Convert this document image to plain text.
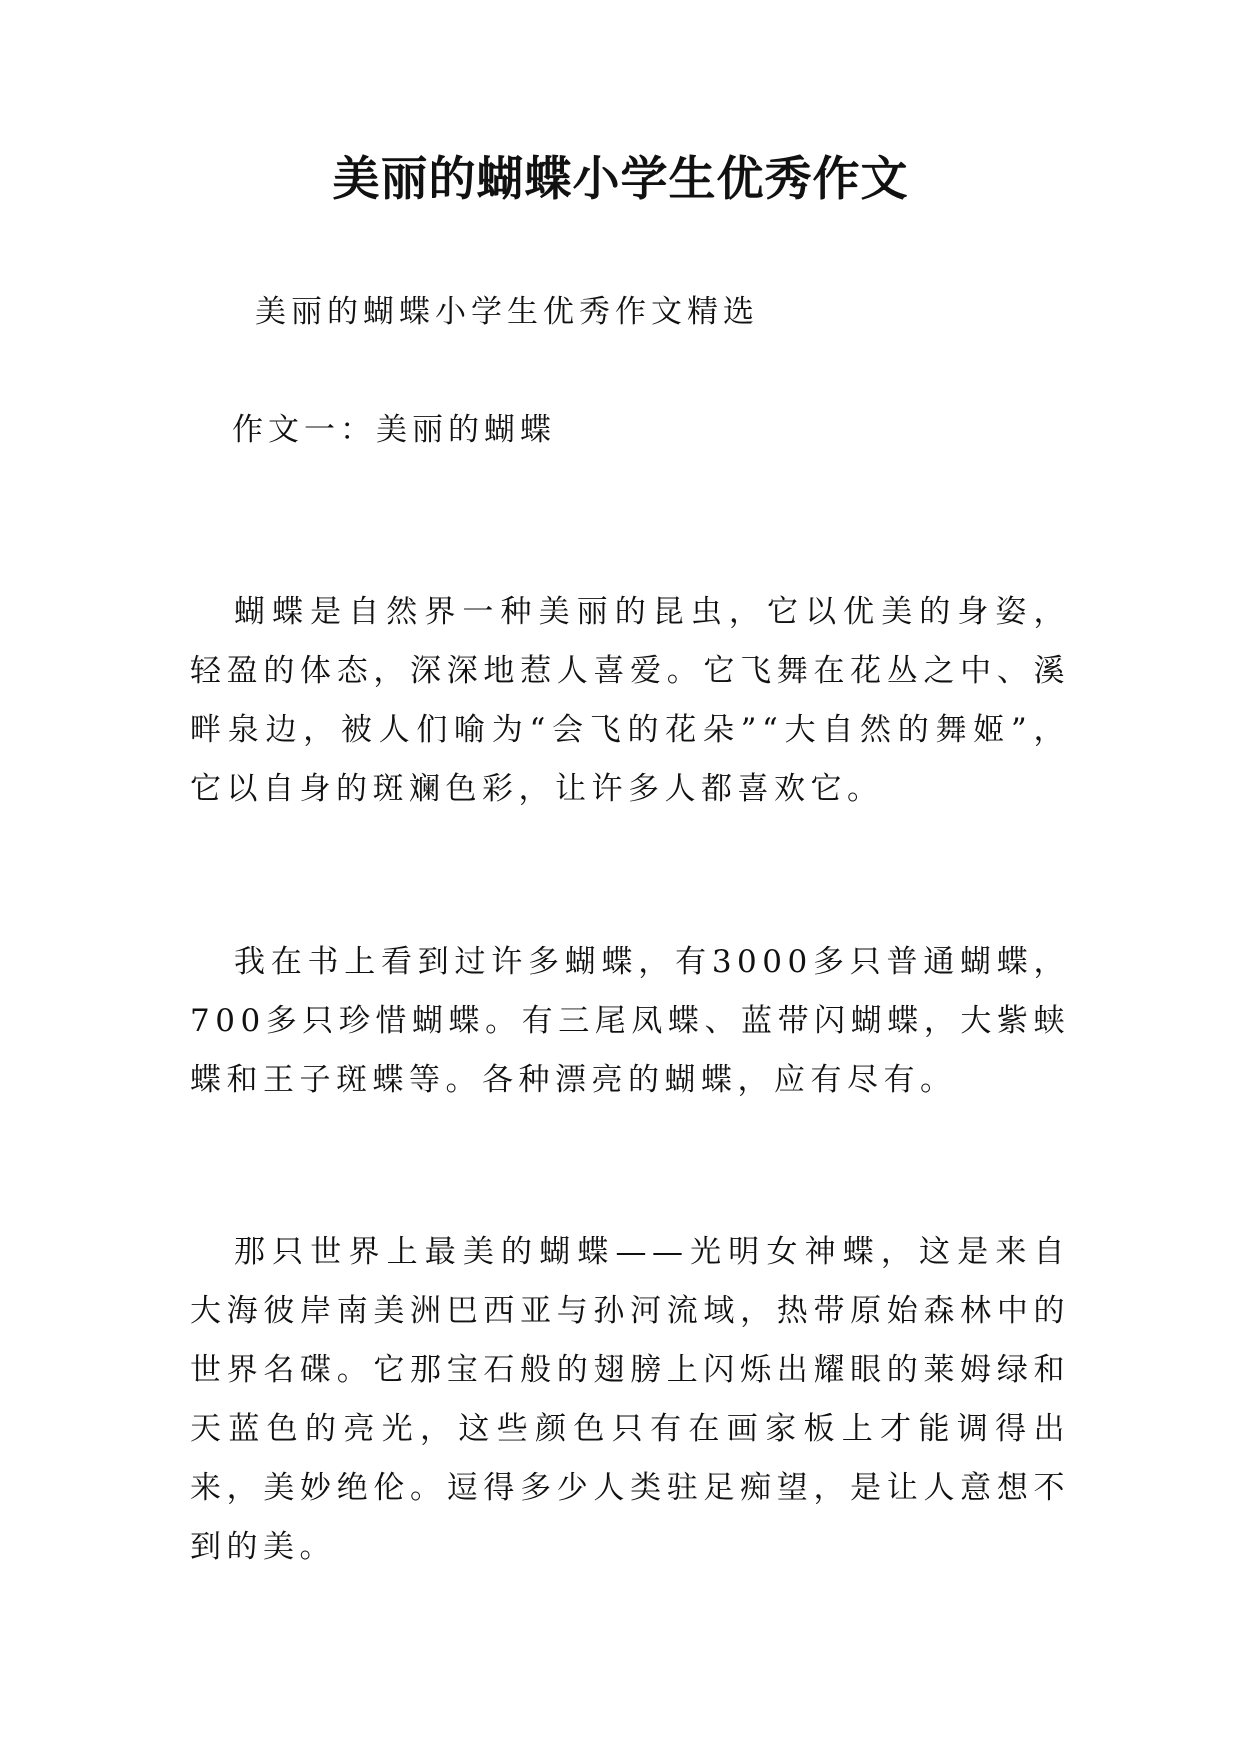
美丽的蝴蝶小学生优秀作文

美丽的蝴蝶小学生优秀作文精选

作文一：美丽的蝴蝶

蝴蝶是自然界一种美丽的昆虫，它以优美的身姿，轻盈的体态，深深地惹人喜爱。它飞舞在花丛之中、溪畔泉边，被人们喻为“会飞的花朵”“大自然的舞姬”，它以自身的斑斓色彩，让许多人都喜欢它。

我在书上看到过许多蝴蝶，有3000多只普通蝴蝶，700多只珍惜蝴蝶。有三尾凤蝶、蓝带闪蝴蝶，大紫蛱蝶和王子斑蝶等。各种漂亮的蝴蝶，应有尽有。

那只世界上最美的蝴蝶——光明女神蝶，这是来自大海彼岸南美洲巴西亚与孙河流域，热带原始森林中的世界名碟。它那宝石般的翅膀上闪烁出耀眼的莱姆绿和天蓝色的亮光，这些颜色只有在画家板上才能调得出来，美妙绝伦。逗得多少人类驻足痴望，是让人意想不到的美。
